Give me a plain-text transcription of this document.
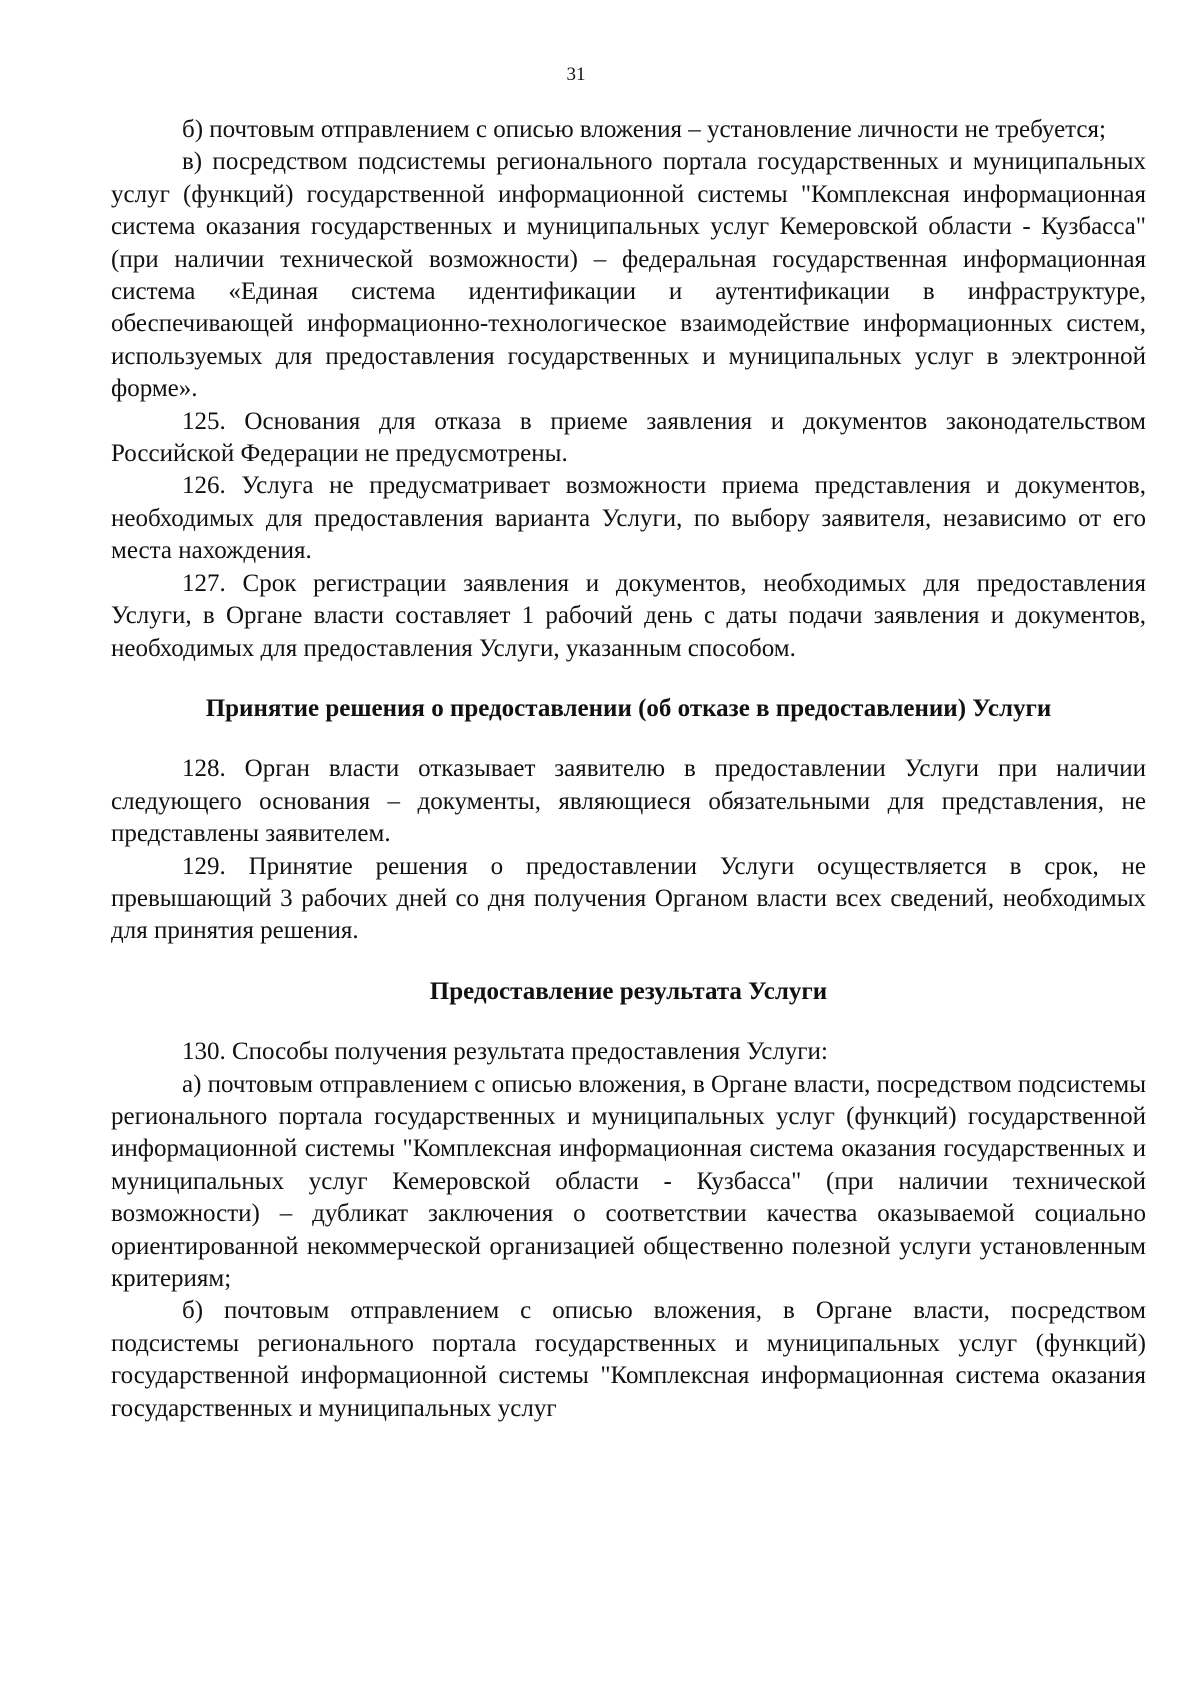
31

б) почтовым отправлением с описью вложения – установление личности не требуется;

в) посредством подсистемы регионального портала государственных и муниципальных услуг (функций) государственной информационной системы "Комплексная информационная система оказания государственных и муниципальных услуг Кемеровской области - Кузбасса" (при наличии технической возможности) – федеральная государственная информационная система «Единая система идентификации и аутентификации в инфраструктуре, обеспечивающей информационно-технологическое взаимодействие информационных систем, используемых для предоставления государственных и муниципальных услуг в электронной форме».

125. Основания для отказа в приеме заявления и документов законодательством Российской Федерации не предусмотрены.

126. Услуга не предусматривает возможности приема представления и документов, необходимых для предоставления варианта Услуги, по выбору заявителя, независимо от его места нахождения.

127. Срок регистрации заявления и документов, необходимых для предоставления Услуги, в Органе власти составляет 1 рабочий день с даты подачи заявления и документов, необходимых для предоставления Услуги, указанным способом.

Принятие решения о предоставлении (об отказе в предоставлении) Услуги

128. Орган власти отказывает заявителю в предоставлении Услуги при наличии следующего основания – документы, являющиеся обязательными для представления, не представлены заявителем.

129. Принятие решения о предоставлении Услуги осуществляется в срок, не превышающий 3 рабочих дней со дня получения Органом власти всех сведений, необходимых для принятия решения.

Предоставление результата Услуги

130. Способы получения результата предоставления Услуги:

а) почтовым отправлением с описью вложения, в Органе власти, посредством подсистемы регионального портала государственных и муниципальных услуг (функций) государственной информационной системы "Комплексная информационная система оказания государственных и муниципальных услуг Кемеровской области - Кузбасса" (при наличии технической возможности) – дубликат заключения о соответствии качества оказываемой социально ориентированной некоммерческой организацией общественно полезной услуги установленным критериям;

б) почтовым отправлением с описью вложения, в Органе власти, посредством подсистемы регионального портала государственных и муниципальных услуг (функций) государственной информационной системы "Комплексная информационная система оказания государственных и муниципальных услуг
